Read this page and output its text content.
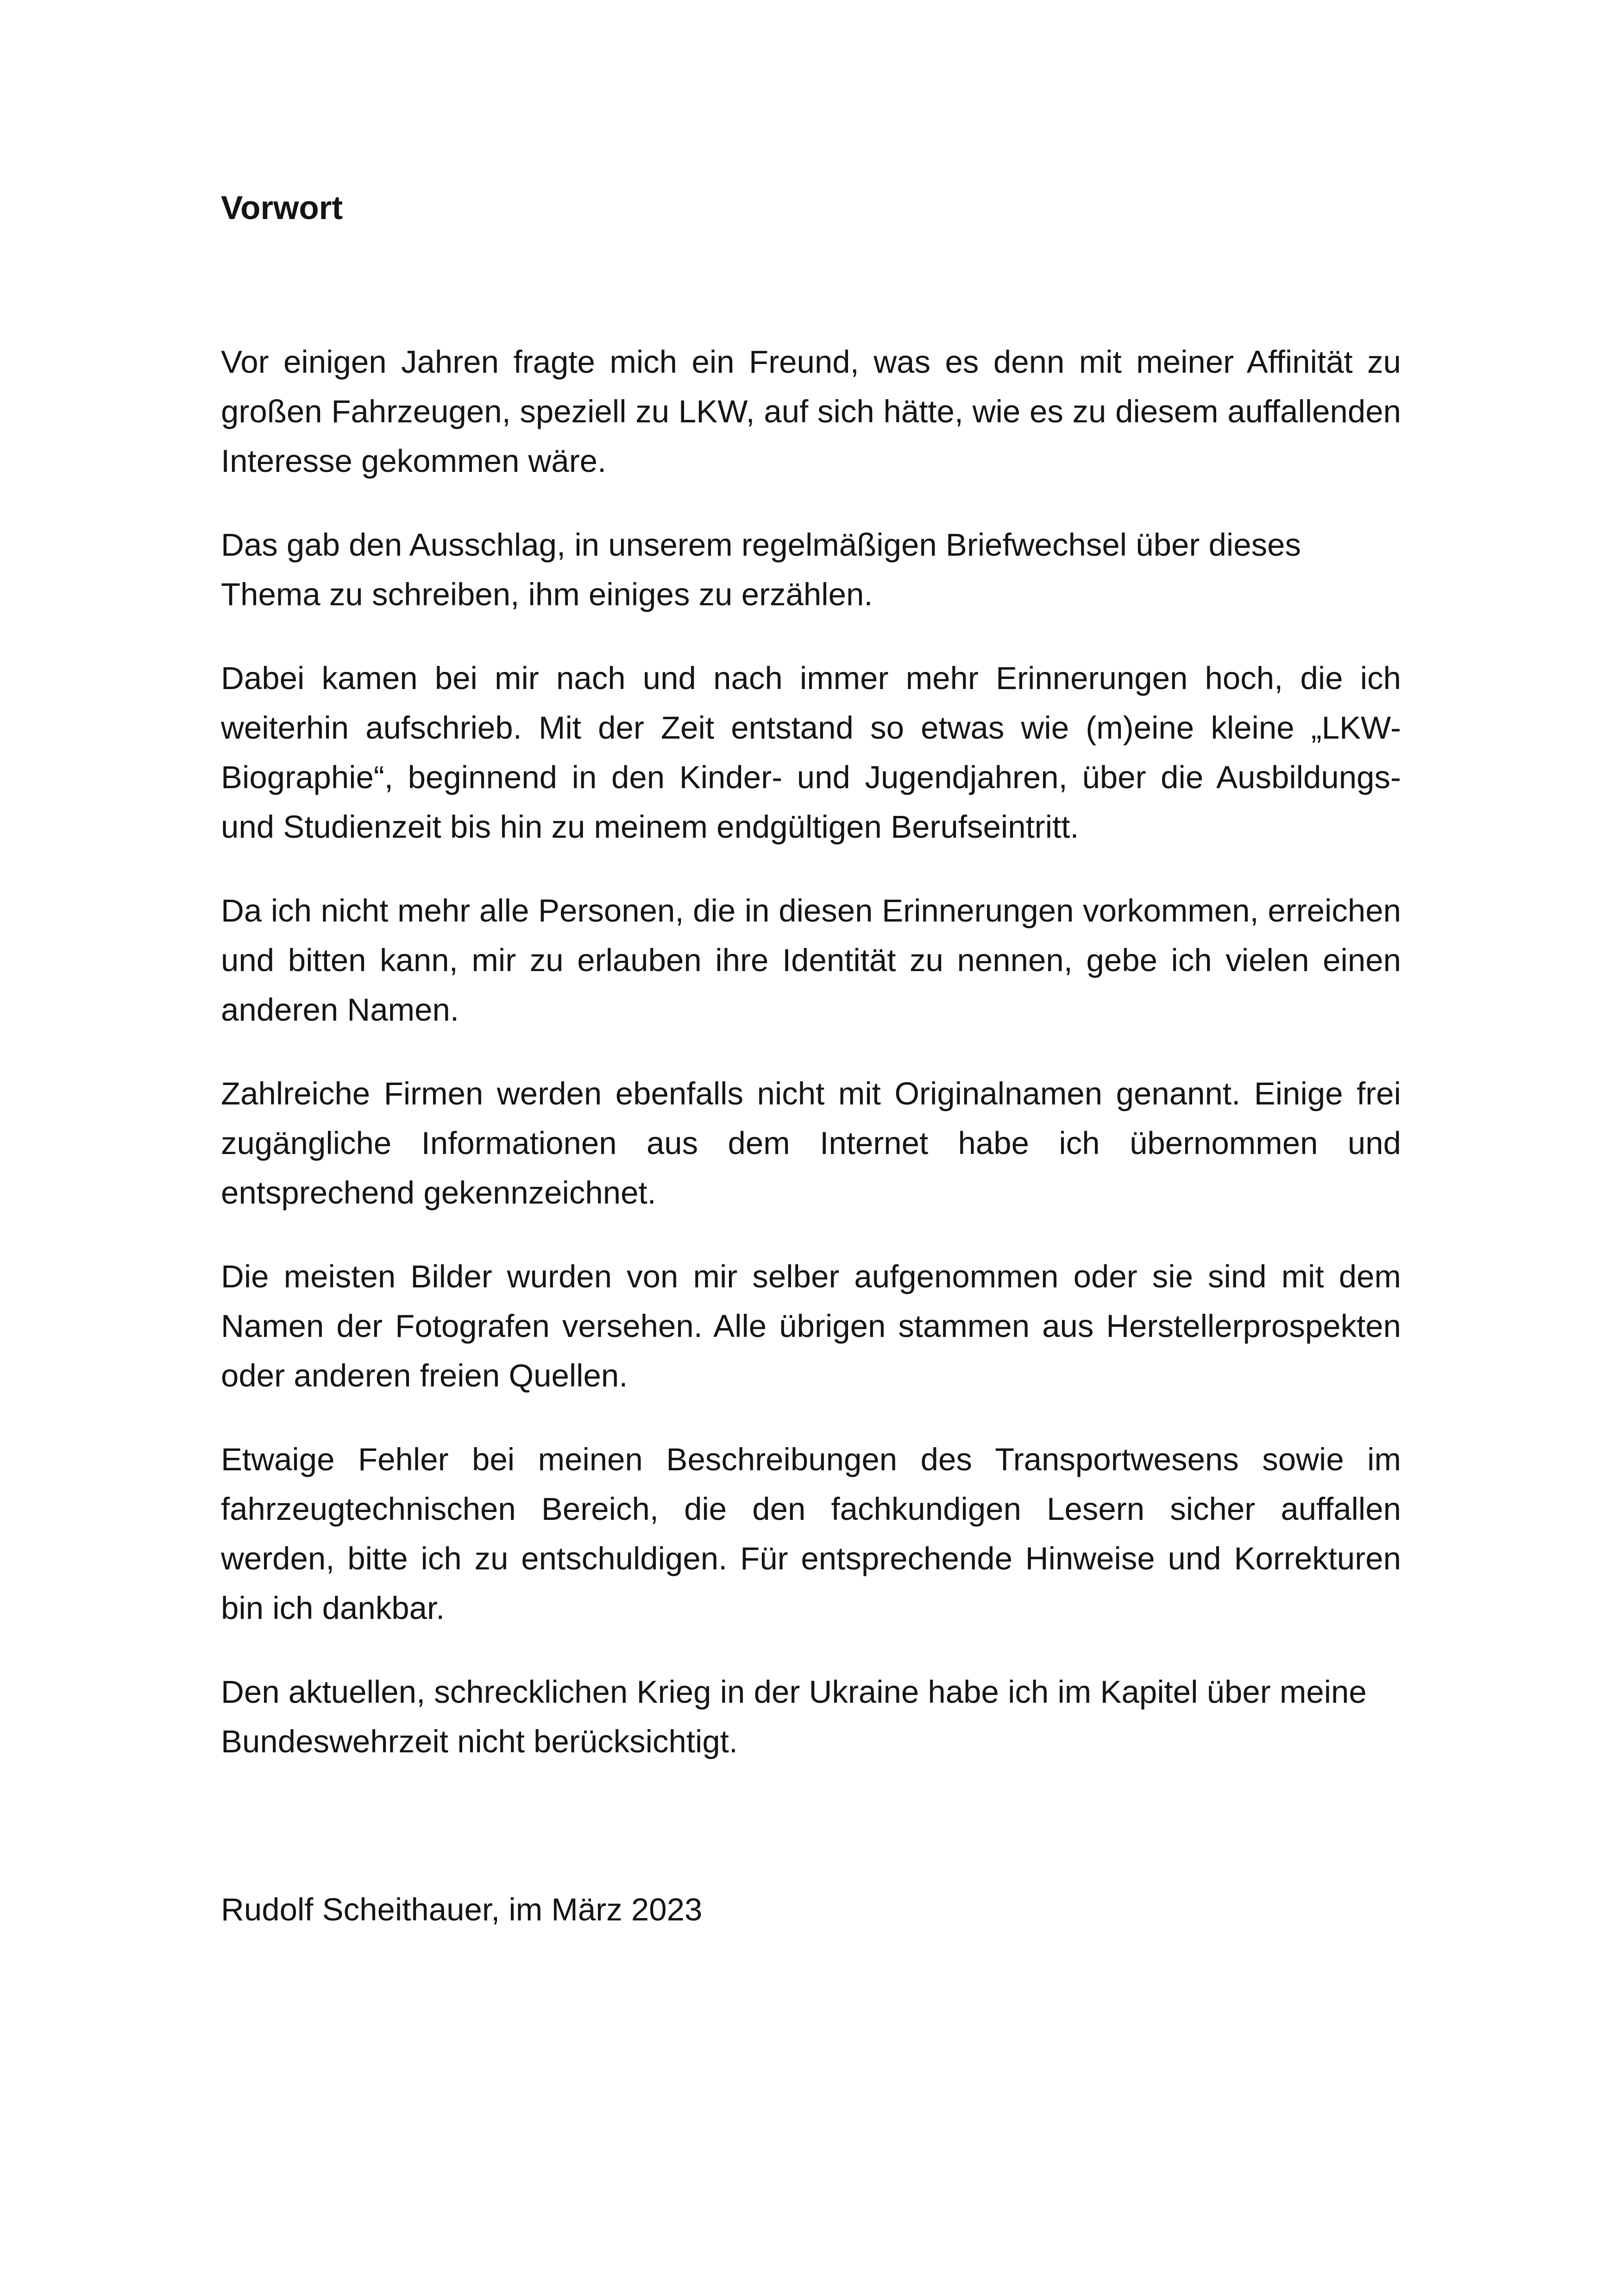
Vorwort

Vor einigen Jahren fragte mich ein Freund, was es denn mit meiner Affinität zu großen Fahrzeugen, speziell zu LKW, auf sich hätte, wie es zu diesem auffallenden Interesse gekommen wäre.

Das gab den Ausschlag, in unserem regelmäßigen Briefwechsel über dieses Thema zu schreiben, ihm einiges zu erzählen.

Dabei kamen bei mir nach und nach immer mehr Erinnerungen hoch, die ich weiterhin aufschrieb. Mit der Zeit entstand so etwas wie (m)eine kleine „LKW-Biographie“, beginnend in den Kinder- und Jugendjahren, über die Ausbildungs- und Studienzeit bis hin zu meinem endgültigen Berufseintritt.

Da ich nicht mehr alle Personen, die in diesen Erinnerungen vorkommen, erreichen und bitten kann, mir zu erlauben ihre Identität zu nennen, gebe ich vielen einen anderen Namen.

Zahlreiche Firmen werden ebenfalls nicht mit Originalnamen genannt. Einige frei zugängliche Informationen aus dem Internet habe ich übernommen und entsprechend gekennzeichnet.

Die meisten Bilder wurden von mir selber aufgenommen oder sie sind mit dem Namen der Fotografen versehen. Alle übrigen stammen aus Herstellerprospekten oder anderen freien Quellen.

Etwaige Fehler bei meinen Beschreibungen des Transportwesens sowie im fahrzeugtechnischen Bereich, die den fachkundigen Lesern sicher auffallen werden, bitte ich zu entschuldigen. Für entsprechende Hinweise und Korrekturen bin ich dankbar.

Den aktuellen, schrecklichen Krieg in der Ukraine habe ich im Kapitel über meine Bundeswehrzeit nicht berücksichtigt.

Rudolf Scheithauer, im März 2023
